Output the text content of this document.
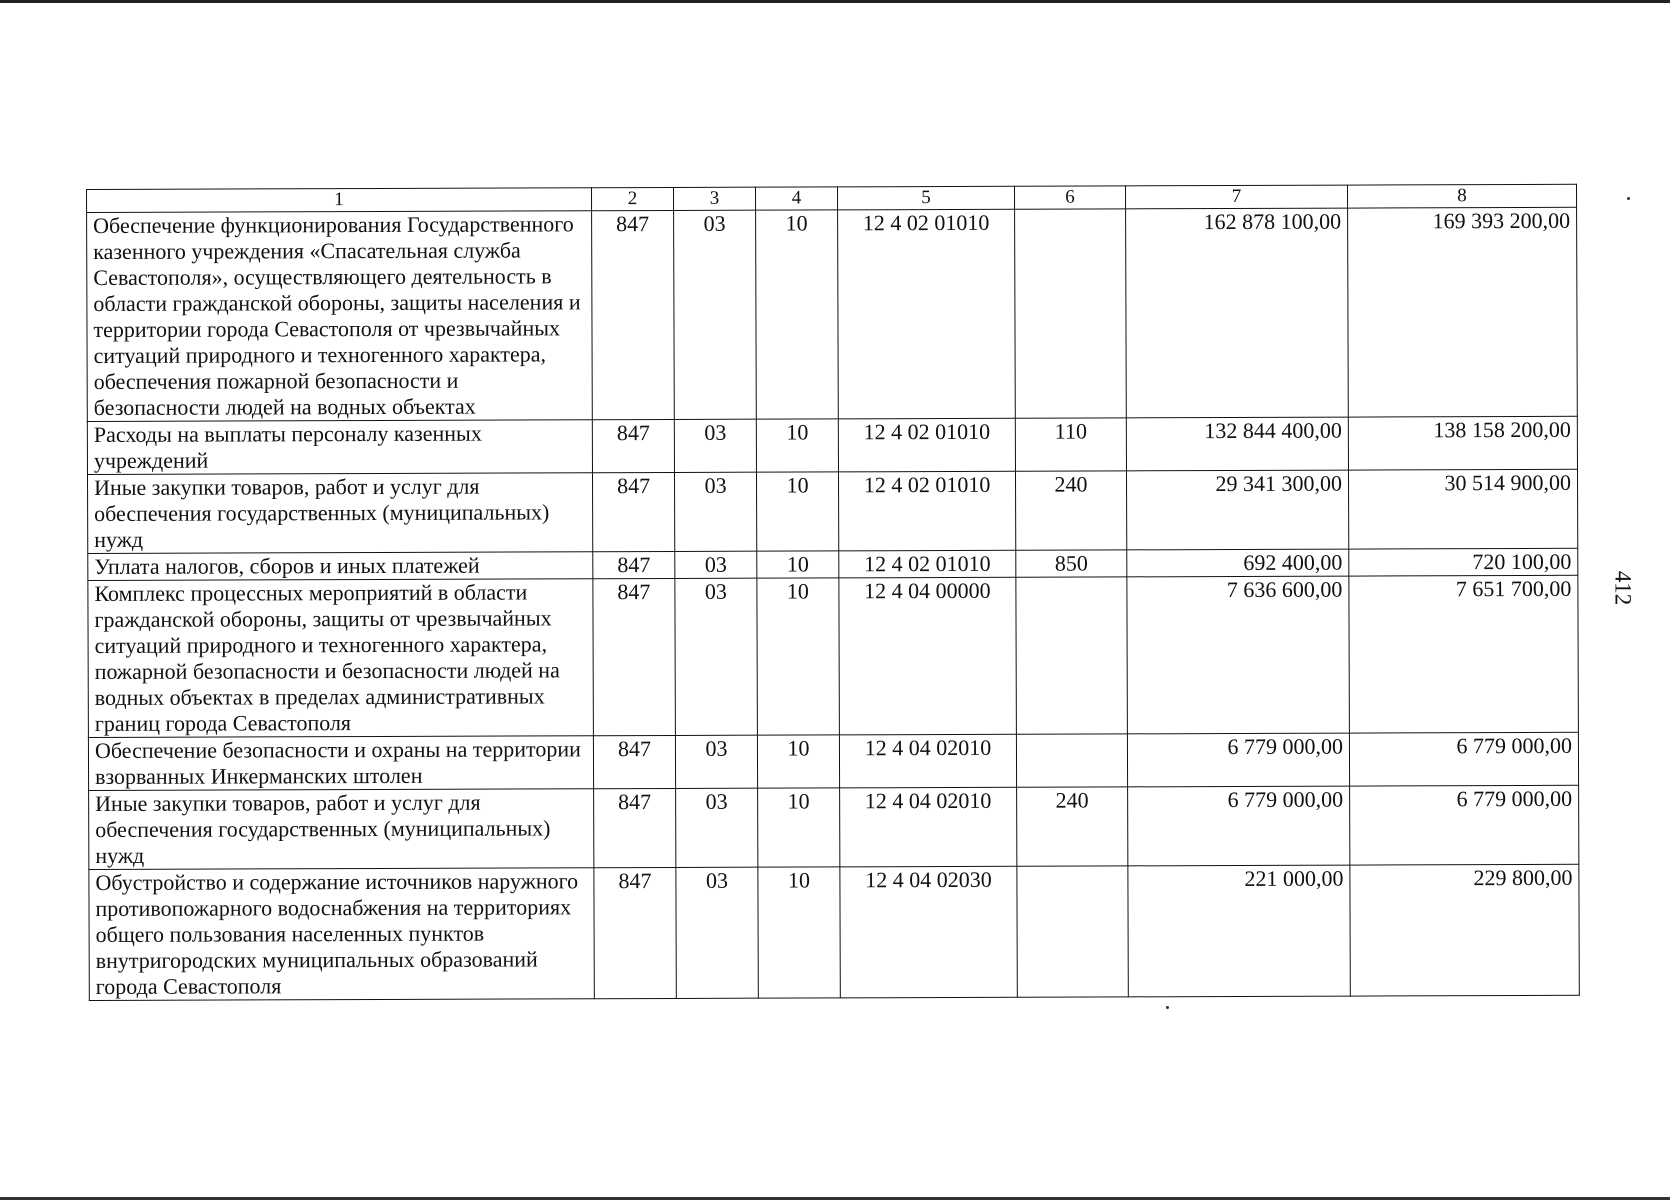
412
1	2	3	4	5	6	7	8
Обеспечение функционирования Государственного казенного учреждения «Спасательная служба Севастополя», осуществляющего деятельность в области гражданской обороны, защиты населения и территории города Севастополя от чрезвычайных ситуаций природного и техногенного характера, обеспечения пожарной безопасности и безопасности людей на водных объектах	847	03	10	12 4 02 01010		162 878 100,00	169 393 200,00
Расходы на выплаты персоналу казенных учреждений	847	03	10	12 4 02 01010	110	132 844 400,00	138 158 200,00
Иные закупки товаров, работ и услуг для обеспечения государственных (муниципальных) нужд	847	03	10	12 4 02 01010	240	29 341 300,00	30 514 900,00
Уплата налогов, сборов и иных платежей	847	03	10	12 4 02 01010	850	692 400,00	720 100,00
Комплекс процессных мероприятий в области гражданской обороны, защиты от чрезвычайных ситуаций природного и техногенного характера, пожарной безопасности и безопасности людей на водных объектах в пределах административных границ города Севастополя	847	03	10	12 4 04 00000		7 636 600,00	7 651 700,00
Обеспечение безопасности и охраны на территории взорванных Инкерманских штолен	847	03	10	12 4 04 02010		6 779 000,00	6 779 000,00
Иные закупки товаров, работ и услуг для обеспечения государственных (муниципальных) нужд	847	03	10	12 4 04 02010	240	6 779 000,00	6 779 000,00
Обустройство и содержание источников наружного противопожарного водоснабжения на территориях общего пользования населенных пунктов внутригородских муниципальных образований города Севастополя	847	03	10	12 4 04 02030		221 000,00	229 800,00
